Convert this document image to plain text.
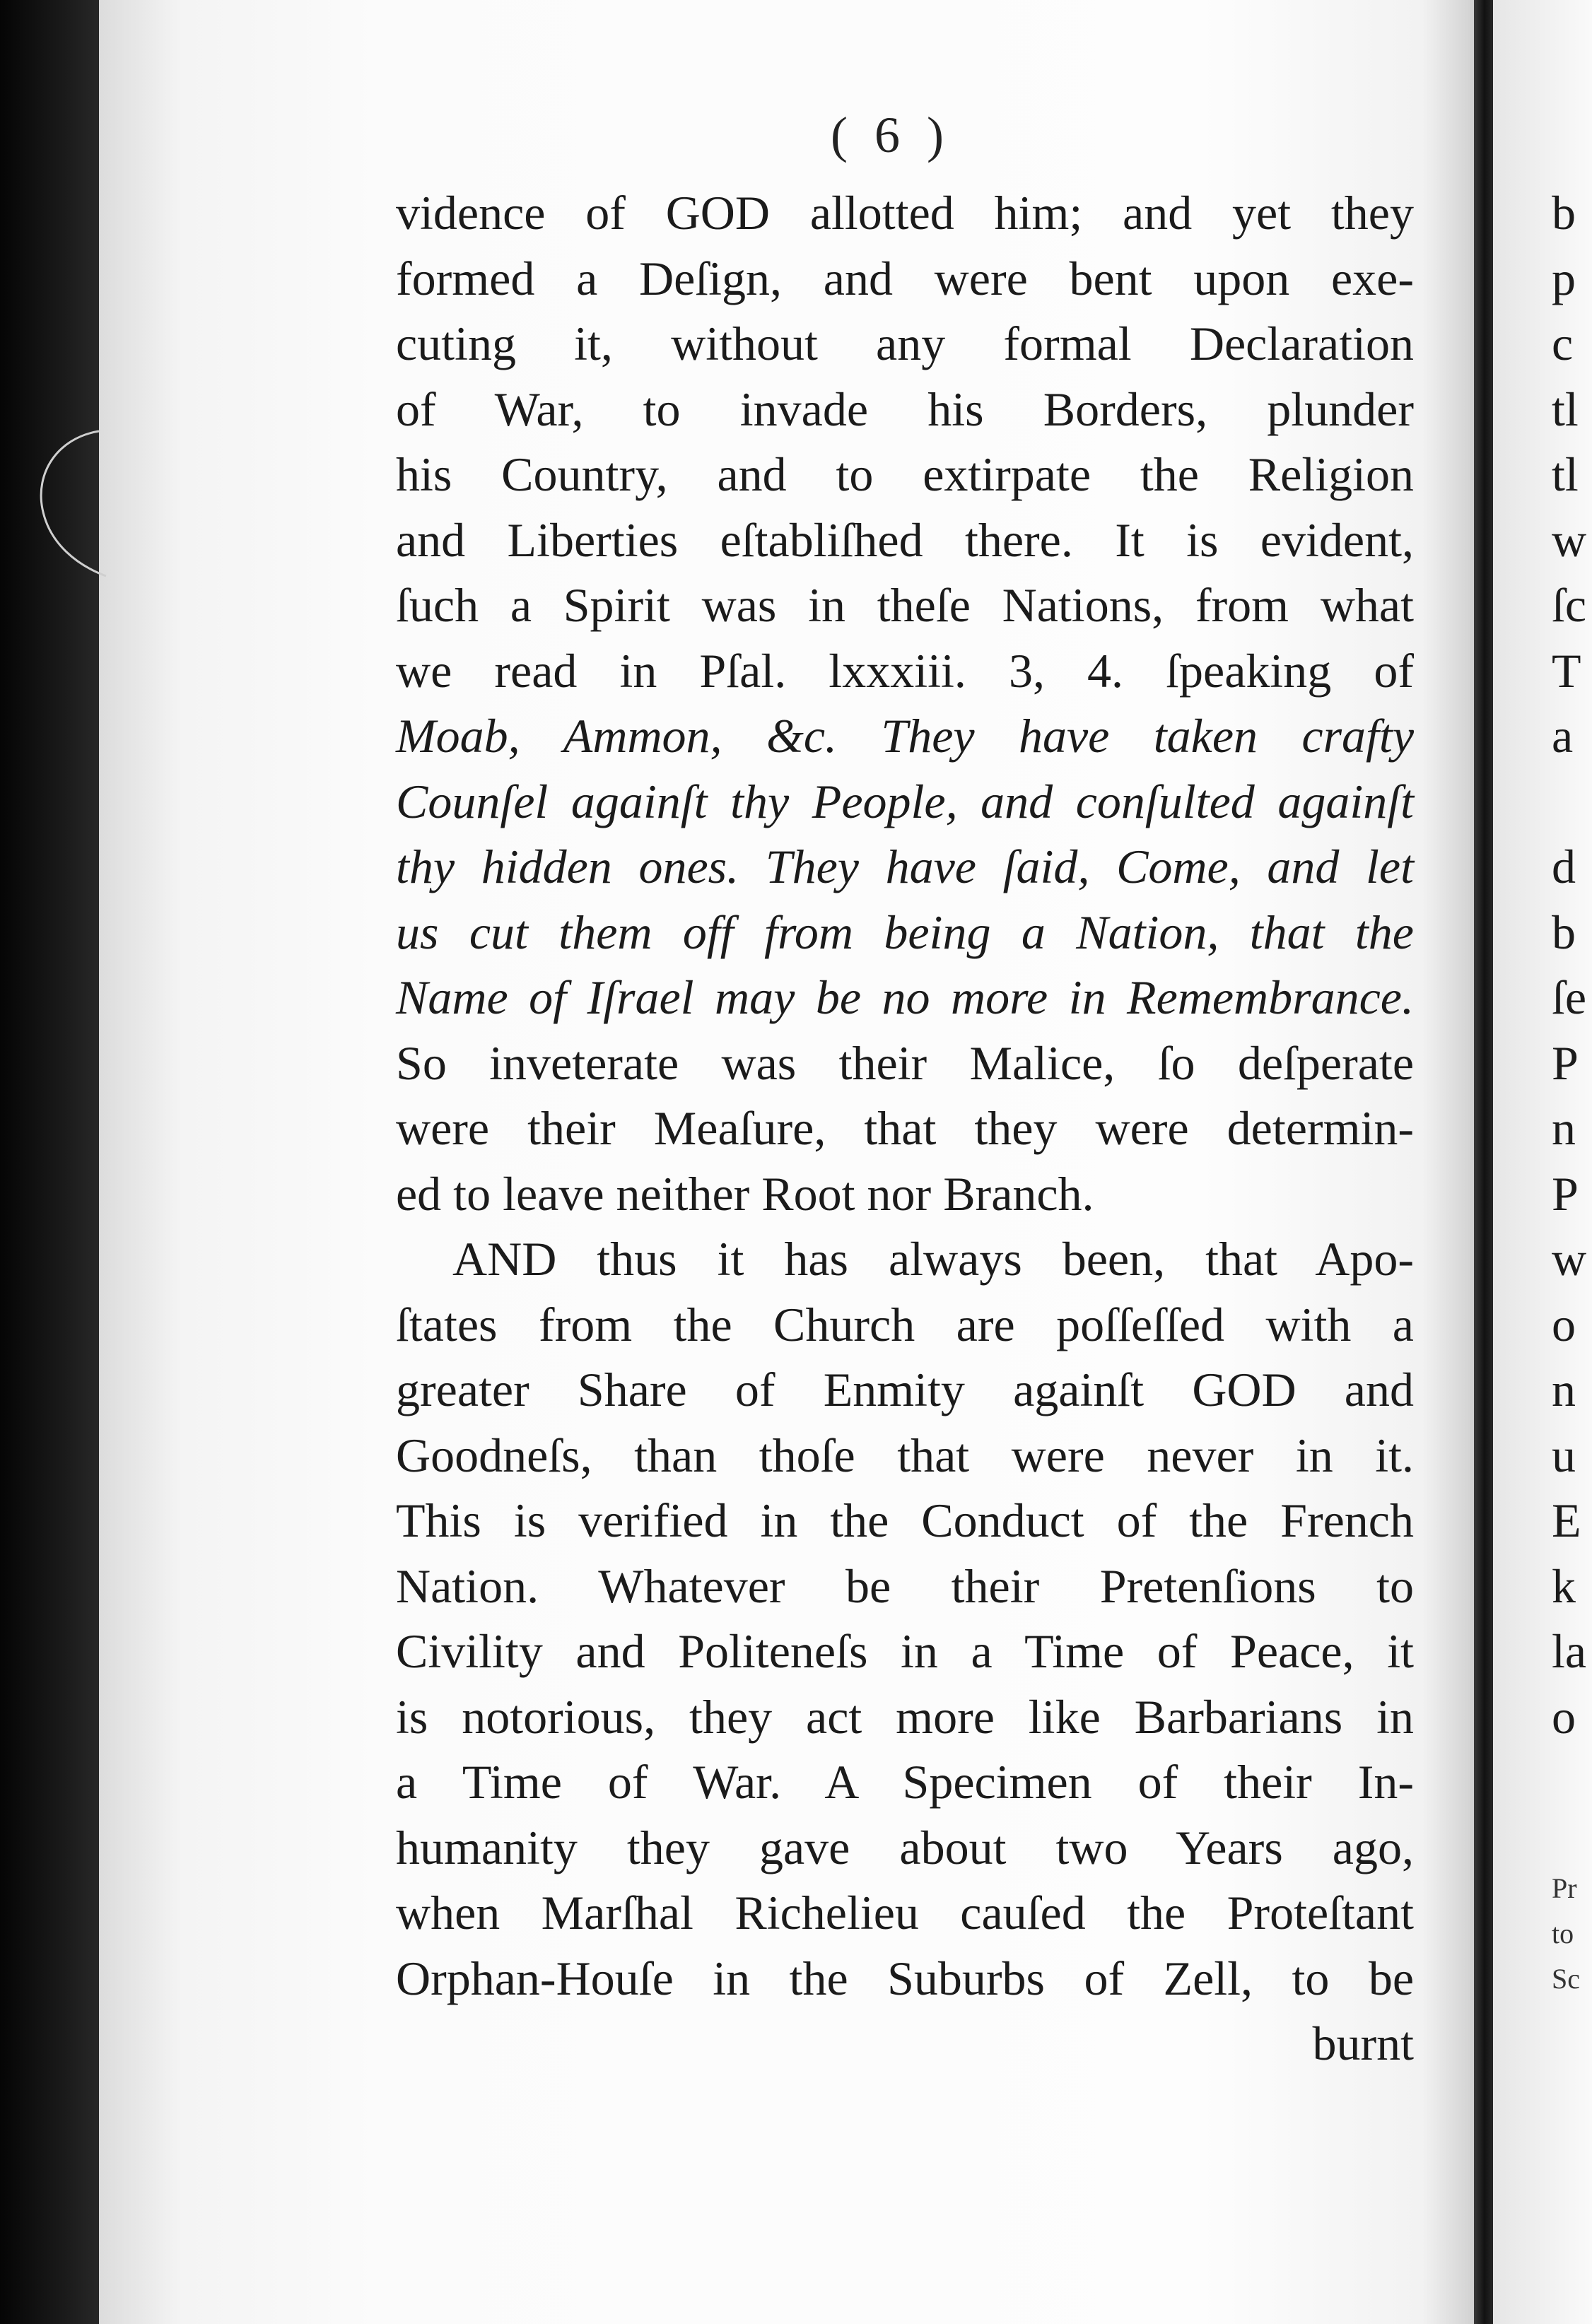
( 6 )
vidence of GOD allotted him; and yet they
formed a Deſign, and were bent upon exe-
cuting it, without any formal Declaration
of War, to invade his Borders, plunder
his Country, and to extirpate the Religion
and Liberties eſtabliſhed there. It is evident,
ſuch a Spirit was in theſe Nations, from what
we read in Pſal. lxxxiii. 3, 4. ſpeaking of
Moab, Ammon, &c. They have taken crafty
Counſel againſt thy People, and conſulted againſt
thy hidden ones. They have ſaid, Come, and let
us cut them off from being a Nation, that the
Name of Iſrael may be no more in Remembrance.
So inveterate was their Malice, ſo deſperate
were their Meaſure, that they were determin-
ed to leave neither Root nor Branch.
AND thus it has always been, that Apo-
ſtates from the Church are poſſeſſed with a
greater Share of Enmity againſt GOD and
Goodneſs, than thoſe that were never in it.
This is verified in the Conduct of the French
Nation. Whatever be their Pretenſions to
Civility and Politeneſs in a Time of Peace, it
is notorious, they act more like Barbarians in
a Time of War. A Specimen of their In-
humanity they gave about two Years ago,
when Marſhal Richelieu cauſed the Proteſtant
Orphan-Houſe in the Suburbs of Zell, to be
burnt
b
p
c
tl
tl
w
ſc
T
a
d
b
ſe
P
n
P
w
o
n
u
E
k
la
o
Pr
to
Sc
